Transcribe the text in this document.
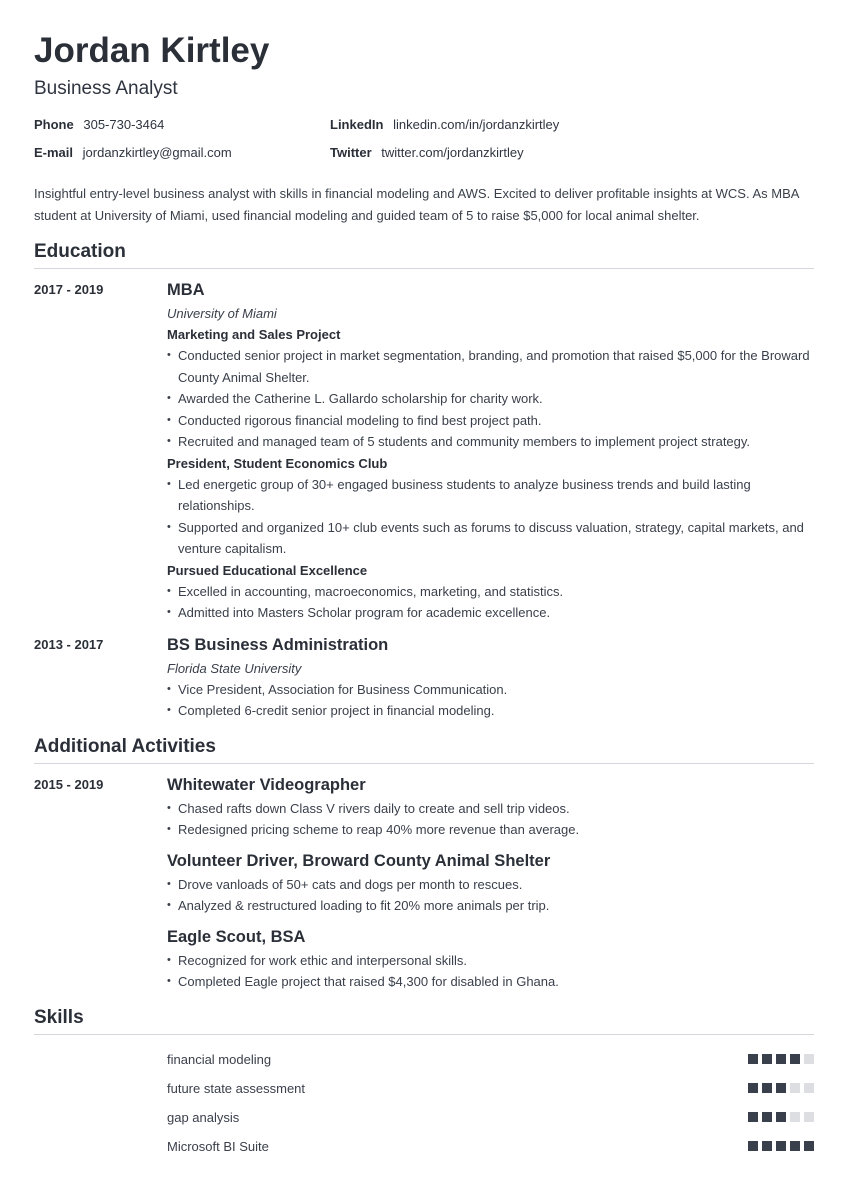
Jordan Kirtley
Business Analyst
Phone 305-730-3464	LinkedIn linkedin.com/in/jordanzkirtley
E-mail jordanzkirtley@gmail.com	Twitter twitter.com/jordanzkirtley
Insightful entry-level business analyst with skills in financial modeling and AWS. Excited to deliver profitable insights at WCS. As MBA student at University of Miami, used financial modeling and guided team of 5 to raise $5,000 for local animal shelter.
Education
2017 - 2019	MBA
University of Miami
Marketing and Sales Project
• Conducted senior project in market segmentation, branding, and promotion that raised $5,000 for the Broward County Animal Shelter.
• Awarded the Catherine L. Gallardo scholarship for charity work.
• Conducted rigorous financial modeling to find best project path.
• Recruited and managed team of 5 students and community members to implement project strategy.
President, Student Economics Club
• Led energetic group of 30+ engaged business students to analyze business trends and build lasting relationships.
• Supported and organized 10+ club events such as forums to discuss valuation, strategy, capital markets, and venture capitalism.
Pursued Educational Excellence
• Excelled in accounting, macroeconomics, marketing, and statistics.
• Admitted into Masters Scholar program for academic excellence.
2013 - 2017	BS Business Administration
Florida State University
• Vice President, Association for Business Communication.
• Completed 6-credit senior project in financial modeling.
Additional Activities
2015 - 2019	Whitewater Videographer
• Chased rafts down Class V rivers daily to create and sell trip videos.
• Redesigned pricing scheme to reap 40% more revenue than average.
Volunteer Driver, Broward County Animal Shelter
• Drove vanloads of 50+ cats and dogs per month to rescues.
• Analyzed & restructured loading to fit 20% more animals per trip.
Eagle Scout, BSA
• Recognized for work ethic and interpersonal skills.
• Completed Eagle project that raised $4,300 for disabled in Ghana.
Skills
financial modeling
future state assessment
gap analysis
Microsoft BI Suite
